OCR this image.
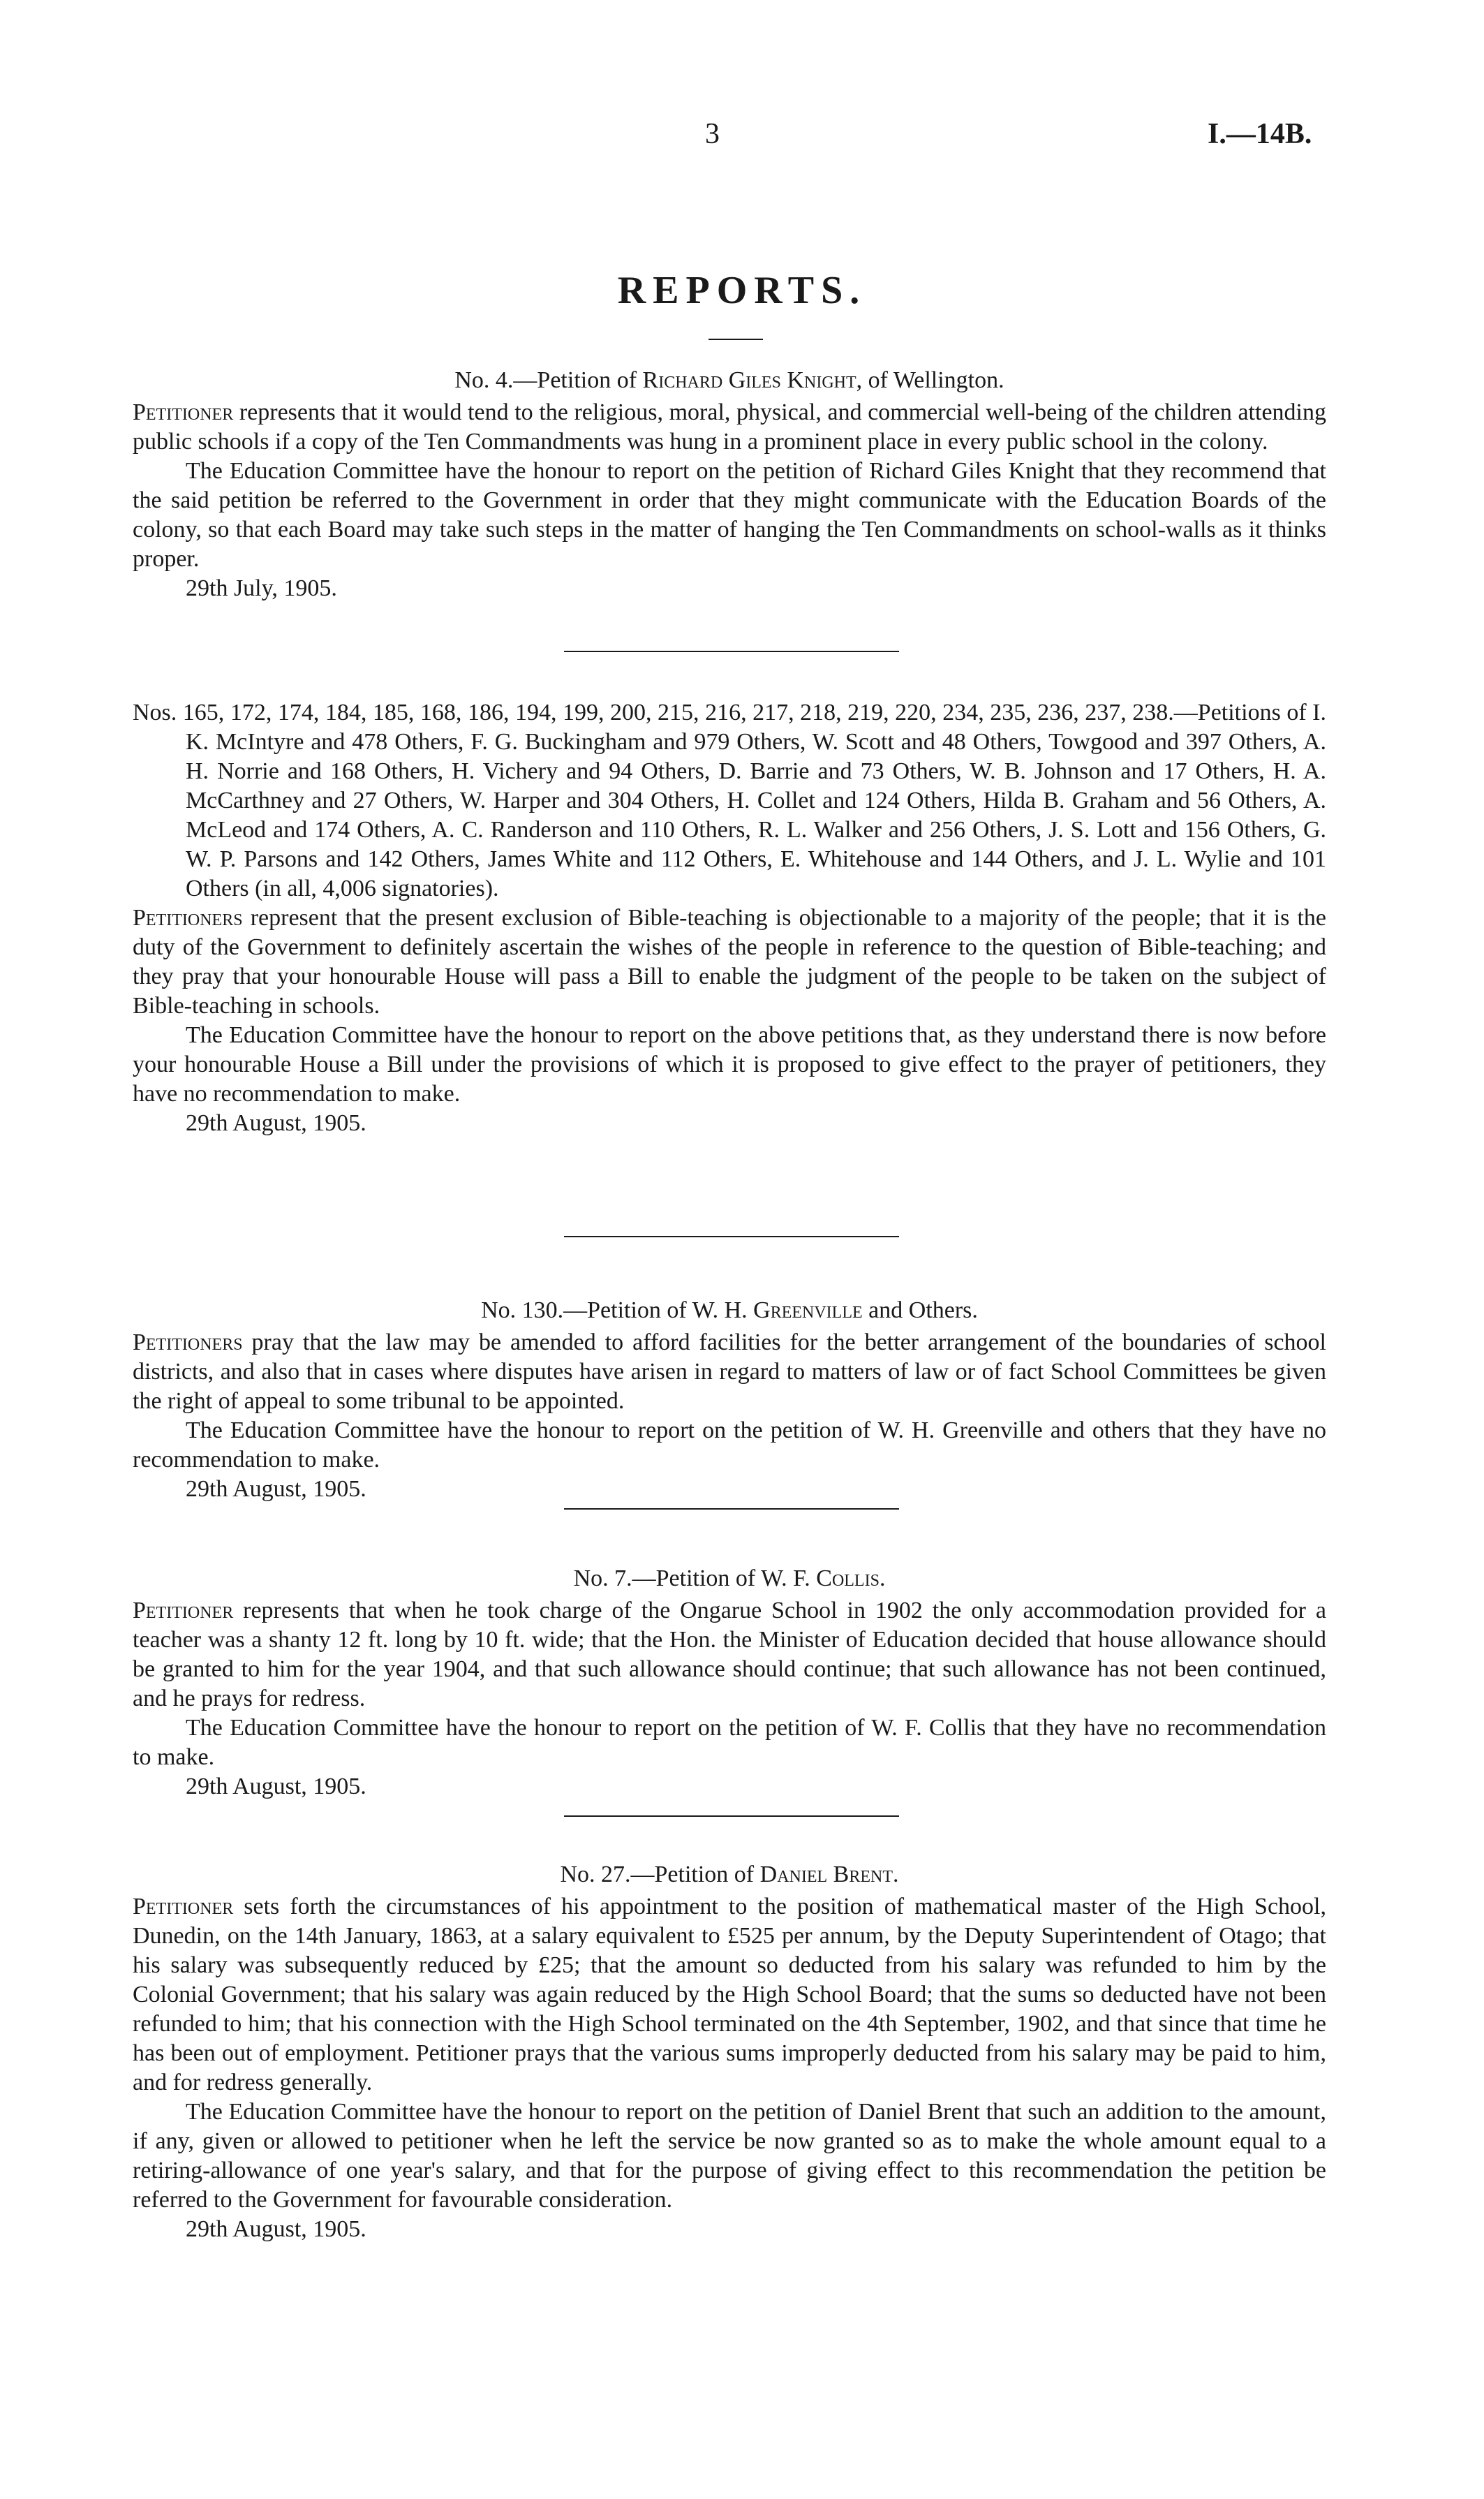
3	I.—14B.
REPORTS.
No. 4.—Petition of Richard Giles Knight, of Wellington.

Petitioner represents that it would tend to the religious, moral, physical, and commercial well-being of the children attending public schools if a copy of the Ten Commandments was hung in a prominent place in every public school in the colony.

The Education Committee have the honour to report on the petition of Richard Giles Knight that they recommend that the said petition be referred to the Government in order that they might communicate with the Education Boards of the colony, so that each Board may take such steps in the matter of hanging the Ten Commandments on school-walls as it thinks proper.

29th July, 1905.

Nos. 165, 172, 174, 184, 185, 168, 186, 194, 199, 200, 215, 216, 217, 218, 219, 220, 234, 235, 236, 237, 238.—Petitions of I. K. McIntyre and 478 Others, F. G. Buckingham and 979 Others, W. Scott and 48 Others, Towgood and 397 Others, A. H. Norrie and 168 Others, H. Vichery and 94 Others, D. Barrie and 73 Others, W. B. Johnson and 17 Others, H. A. McCarthney and 27 Others, W. Harper and 304 Others, H. Collet and 124 Others, Hilda B. Graham and 56 Others, A. McLeod and 174 Others, A. C. Randerson and 110 Others, R. L. Walker and 256 Others, J. S. Lott and 156 Others, G. W. P. Parsons and 142 Others, James White and 112 Others, E. Whitehouse and 144 Others, and J. L. Wylie and 101 Others (in all, 4,006 signatories).

Petitioners represent that the present exclusion of Bible-teaching is objectionable to a majority of the people; that it is the duty of the Government to definitely ascertain the wishes of the people in reference to the question of Bible-teaching; and they pray that your honourable House will pass a Bill to enable the judgment of the people to be taken on the subject of Bible-teaching in schools.

The Education Committee have the honour to report on the above petitions that, as they understand there is now before your honourable House a Bill under the provisions of which it is proposed to give effect to the prayer of petitioners, they have no recommendation to make.

29th August, 1905.
No. 130.—Petition of W. H. Greenville and Others.

Petitioners pray that the law may be amended to afford facilities for the better arrangement of the boundaries of school districts, and also that in cases where disputes have arisen in regard to matters of law or of fact School Committees be given the right of appeal to some tribunal to be appointed.

The Education Committee have the honour to report on the petition of W. H. Greenville and others that they have no recommendation to make.

29th August, 1905.
No. 7.—Petition of W. F. Collis.

Petitioner represents that when he took charge of the Ongarue School in 1902 the only accommodation provided for a teacher was a shanty 12 ft. long by 10 ft. wide; that the Hon. the Minister of Education decided that house allowance should be granted to him for the year 1904, and that such allowance should continue; that such allowance has not been continued, and he prays for redress.

The Education Committee have the honour to report on the petition of W. F. Collis that they have no recommendation to make.

29th August, 1905.
No. 27.—Petition of Daniel Brent.

Petitioner sets forth the circumstances of his appointment to the position of mathematical master of the High School, Dunedin, on the 14th January, 1863, at a salary equivalent to £525 per annum, by the Deputy Superintendent of Otago; that his salary was subsequently reduced by £25; that the amount so deducted from his salary was refunded to him by the Colonial Government; that his salary was again reduced by the High School Board; that the sums so deducted have not been refunded to him; that his connection with the High School terminated on the 4th September, 1902, and that since that time he has been out of employment. Petitioner prays that the various sums improperly deducted from his salary may be paid to him, and for redress generally.

The Education Committee have the honour to report on the petition of Daniel Brent that such an addition to the amount, if any, given or allowed to petitioner when he left the service be now granted so as to make the whole amount equal to a retiring-allowance of one year's salary, and that for the purpose of giving effect to this recommendation the petition be referred to the Government for favourable consideration.

29th August, 1905.
